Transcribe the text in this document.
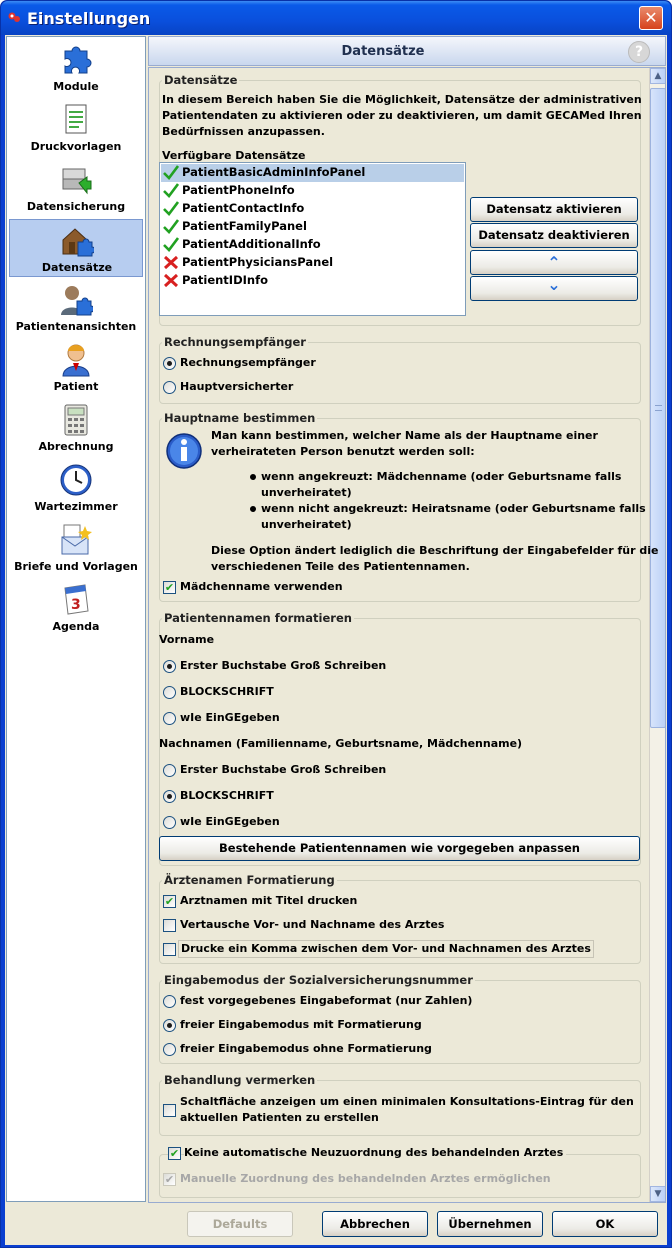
Einstellungen	✕
Module
Druckvorlagen
Datensicherung
Datensätze
Patientenansichten
Patient
Abrechnung
Wartezimmer
Briefe und Vorlagen
3
Agenda
Datensätze	?
▲
▼
Datensätze
In diesem Bereich haben Sie die Möglichkeit, Datensätze der administrativen
Patientendaten zu aktivieren oder zu deaktivieren, um damit GECAMed Ihren
Bedürfnissen anzupassen.
Verfügbare Datensätze
PatientBasicAdminInfoPanel
PatientPhoneInfo
PatientContactInfo
PatientFamilyPanel
PatientAdditionalInfo
PatientPhysiciansPanel
PatientIDInfo
Datensatz aktivieren
Datensatz deaktivieren
⌃
⌄
Rechnungsempfänger
Rechnungsempfänger
Hauptversicherter
Hauptname bestimmen
Man kann bestimmen, welcher Name als der Hauptname einer
verheirateten Person benutzt werden soll:
wenn angekreuzt: Mädchenname (oder Geburtsname falls
unverheiratet)
wenn nicht angekreuzt: Heiratsname (oder Geburtsname falls
unverheiratet)
Diese Option ändert lediglich die Beschriftung der Eingabefelder für die
verschiedenen Teile des Patientennamen.
✔ Mädchenname verwenden
Patientennamen formatieren
Vorname
Erster Buchstabe Groß Schreiben
BLOCKSCHRIFT
wIe EinGEgeben
Nachnamen (Familienname, Geburtsname, Mädchenname)
Erster Buchstabe Groß Schreiben
BLOCKSCHRIFT
wIe EinGEgeben
Bestehende Patientennamen wie vorgegeben anpassen
Ärztenamen Formatierung
✔ Arztnamen mit Titel drucken
Vertausche Vor- und Nachname des Arztes
Drucke ein Komma zwischen dem Vor- und Nachnamen des Arztes
Eingabemodus der Sozialversicherungsnummer
fest vorgegebenes Eingabeformat (nur Zahlen)
freier Eingabemodus mit Formatierung
freier Eingabemodus ohne Formatierung
Behandlung vermerken
Schaltfläche anzeigen um einen minimalen Konsultations-Eintrag für den
aktuellen Patienten zu erstellen
✔ Keine automatische Neuzuordnung des behandelnden Arztes
✔ Manuelle Zuordnung des behandelnden Arztes ermöglichen
Defaults	Abbrechen	Übernehmen	OK
